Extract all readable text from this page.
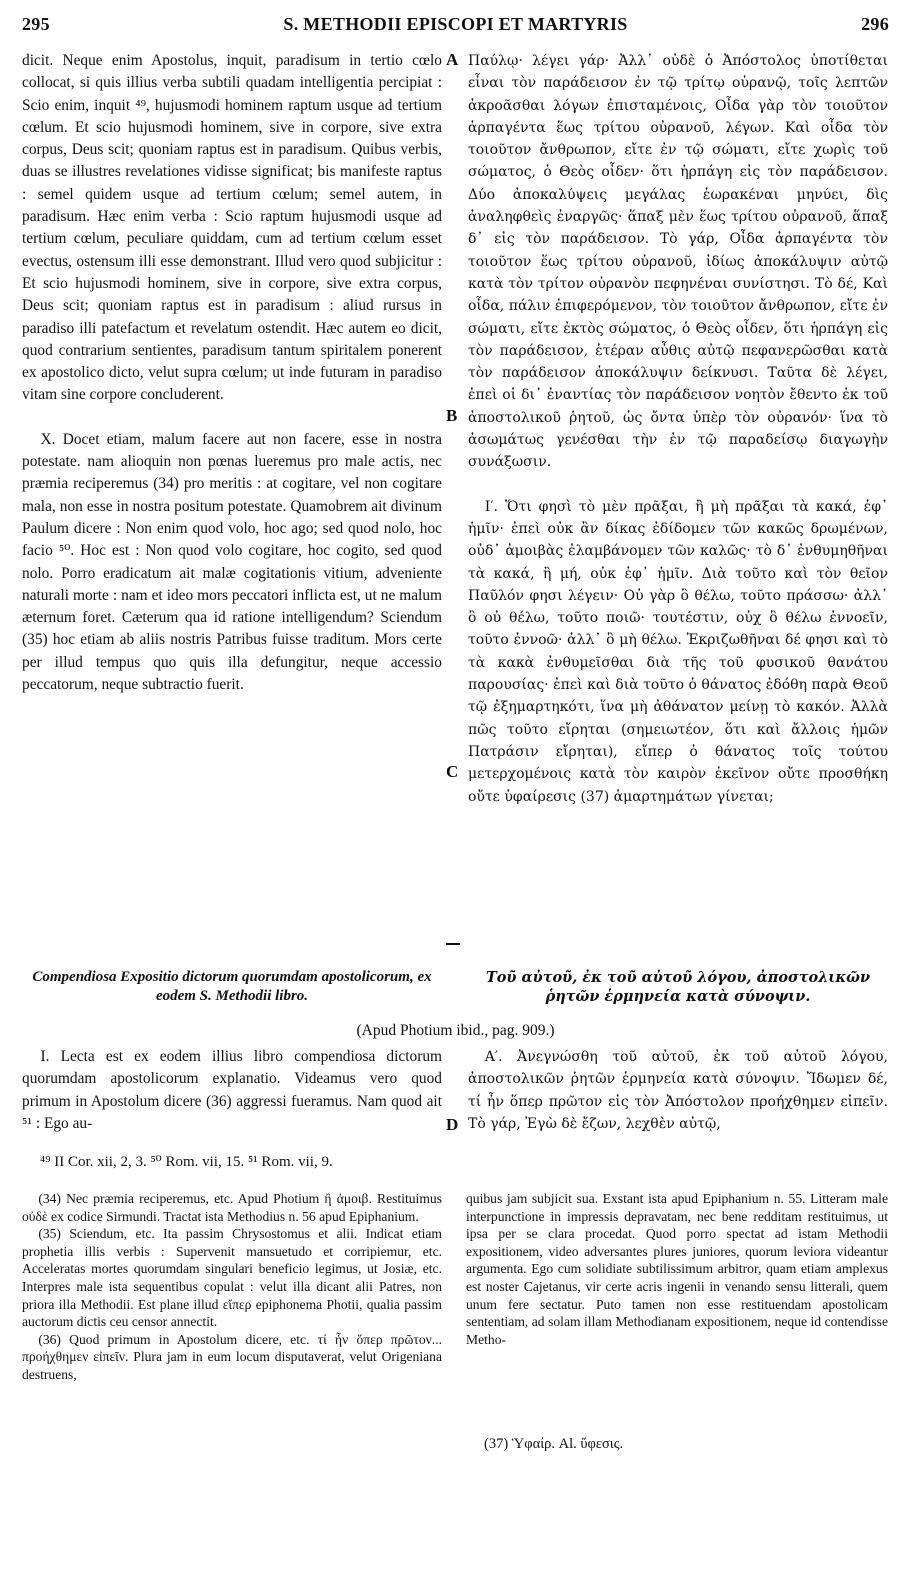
295	S. METHODII EPISCOPI ET MARTYRIS	296

dicit. Neque enim Apostolus, inquit, paradisum in tertio cœlo collocat, si quis illius verba subtili quadam intelligentia percipiat : Scio enim, inquit ⁴⁹, hujusmodi hominem raptum usque ad tertium cœlum. Et scio hujusmodi hominem, sive in corpore, sive extra corpus, Deus scit; quoniam raptus est in paradisum. Quibus verbis, duas se illustres revelationes vidisse significat; bis manifeste raptus : semel quidem usque ad tertium cœlum; semel autem, in paradisum. Hæc enim verba : Scio raptum hujusmodi usque ad tertium cœlum, peculiare quiddam, cum ad tertium cœlum esset evectus, ostensum illi esse demonstrant. Illud vero quod subjicitur : Et scio hujusmodi hominem, sive in corpore, sive extra corpus, Deus scit; quoniam raptus est in paradisum : aliud rursus in paradiso illi patefactum et revelatum ostendit. Hæc autem eo dicit, quod contrarium sentientes, paradisum tantum spiritalem ponerent ex apostolico dicto, velut supra cœlum; ut inde futuram in paradiso vitam sine corpore concluderent.

X. Docet etiam, malum facere aut non facere, esse in nostra potestate. nam alioquin non pœnas lueremus pro male actis, nec præmia reciperemus (34) pro meritis : at cogitare, vel non cogitare mala, non esse in nostra positum potestate. Quamobrem ait divinum Paulum dicere : Non enim quod volo, hoc ago; sed quod nolo, hoc facio ⁵⁰. Hoc est : Non quod volo cogitare, hoc cogito, sed quod nolo. Porro eradicatum ait malæ cogitationis vitium, adveniente naturali morte : nam et ideo mors peccatori inflicta est, ut ne malum æternum foret. Cæterum qua id ratione intelligendum? Sciendum (35) hoc etiam ab aliis nostris Patribus fuisse traditum. Mors certe per illud tempus quo quis illa defungitur, neque accessio peccatorum, neque subtractio fuerit.

Παύλῳ· λέγει γάρ· Ἀλλ᾽ οὐδὲ ὁ Ἀπόστολος ὑποτίθεται εἶναι τὸν παράδεισον ἐν τῷ τρίτῳ οὐρανῷ, τοῖς λεπτῶν ἀκροᾶσθαι λόγων ἐπισταμένοις, Οἶδα γὰρ τὸν τοιοῦτον ἁρπαγέντα ἕως τρίτου οὐρανοῦ, λέγων. Καὶ οἶδα τὸν τοιοῦτον ἄνθρωπον, εἴτε ἐν τῷ σώματι, εἴτε χωρὶς τοῦ σώματος, ὁ Θεὸς οἶδεν· ὅτι ἡρπάγη εἰς τὸν παράδεισον. Δύο ἀποκαλύψεις μεγάλας ἑωρακέναι μηνύει, δὶς ἀναληφθεὶς ἐναργῶς· ἅπαξ μὲν ἕως τρίτου οὐρανοῦ, ἅπαξ δ᾽ εἰς τὸν παράδεισον. Τὸ γάρ, Οἶδα ἁρπαγέντα τὸν τοιοῦτον ἕως τρίτου οὐρανοῦ, ἰδίως ἀποκάλυψιν αὐτῷ κατὰ τὸν τρίτον οὐρανὸν πεφηνέναι συνίστησι. Τὸ δέ, Καὶ οἶδα, πάλιν ἐπιφερόμενον, τὸν τοιοῦτον ἄνθρωπον, εἴτε ἐν σώματι, εἴτε ἐκτὸς σώματος, ὁ Θεὸς οἶδεν, ὅτι ἡρπάγη εἰς τὸν παράδεισον, ἑτέραν αὖθις αὐτῷ πεφανερῶσθαι κατὰ τὸν παράδεισον ἀποκάλυψιν δείκνυσι. Ταῦτα δὲ λέγει, ἐπεὶ οἱ δι᾽ ἐναντίας τὸν παράδεισον νοητὸν ἔθεντο ἐκ τοῦ ἀποστολικοῦ ῥητοῦ, ὡς ὄντα ὑπὲρ τὸν οὐρανόν· ἵνα τὸ ἀσωμάτως γενέσθαι τὴν ἐν τῷ παραδείσῳ διαγωγὴν συνάξωσιν.

Ι′. Ὅτι φησὶ τὸ μὲν πρᾶξαι, ἢ μὴ πρᾶξαι τὰ κακά, ἐφ᾽ ἡμῖν· ἐπεὶ οὐκ ἂν δίκας ἐδίδομεν τῶν κακῶς δρωμένων, οὐδ᾽ ἀμοιβὰς ἐλαμβάνομεν τῶν καλῶς· τὸ δ᾽ ἐνθυμηθῆναι τὰ κακά, ἢ μή, οὐκ ἐφ᾽ ἡμῖν. Διὰ τοῦτο καὶ τὸν θεῖον Παῦλόν φησι λέγειν· Οὐ γὰρ ὃ θέλω, τοῦτο πράσσω· ἀλλ᾽ ὃ οὐ θέλω, τοῦτο ποιῶ· τουτέστιν, οὐχ ὃ θέλω ἐννοεῖν, τοῦτο ἐννοῶ· ἀλλ᾽ ὃ μὴ θέλω. Ἐκριζωθῆναι δέ φησι καὶ τὸ τὰ κακὰ ἐνθυμεῖσθαι διὰ τῆς τοῦ φυσικοῦ θανάτου παρουσίας· ἐπεὶ καὶ διὰ τοῦτο ὁ θάνατος ἐδόθη παρὰ Θεοῦ τῷ ἐξημαρτηκότι, ἵνα μὴ ἀθάνατον μείνῃ τὸ κακόν. Ἀλλὰ πῶς τοῦτο εἴρηται (σημειωτέον, ὅτι καὶ ἄλλοις ἡμῶν Πατράσιν εἴρηται), εἴπερ ὁ θάνατος τοῖς τούτου μετερχομένοις κατὰ τὸν καιρὸν ἐκεῖνον οὔτε προσθήκη οὔτε ὑφαίρεσις (37) ἁμαρτημάτων γίνεται;

A
B
C
D
Compendiosa Expositio dictorum quorumdam apostolicorum, ex eodem S. Methodii libro.
Τοῦ αὐτοῦ, ἐκ τοῦ αὐτοῦ λόγου, ἀποστολικῶν ῥητῶν ἑρμηνεία κατὰ σύνοψιν.
(Apud Photium ibid., pag. 909.)

I. Lecta est ex eodem illius libro compendiosa dictorum quorumdam apostolicorum explanatio. Videamus vero quod primum in Apostolum dicere (36) aggressi fueramus. Nam quod ait ⁵¹ : Ego au-

Α′. Ἀνεγνώσθη τοῦ αὐτοῦ, ἐκ τοῦ αὐτοῦ λόγου, ἀποστολικῶν ῥητῶν ἑρμηνεία κατὰ σύνοψιν. Ἴδωμεν δέ, τί ἦν ὅπερ πρῶτον εἰς τὸν Ἀπόστολον προήχθημεν εἰπεῖν. Τὸ γάρ, Ἐγὼ δὲ ἔζων, λεχθὲν αὐτῷ,

⁴⁹ II Cor. xii, 2, 3. ⁵⁰ Rom. vii, 15. ⁵¹ Rom. vii, 9.

(34) Nec præmia reciperemus, etc. Apud Photium ἢ ἀμοιβ. Restituimus οὐδὲ ex codice Sirmundi. Tractat ista Methodius n. 56 apud Epiphanium.

(35) Sciendum, etc. Ita passim Chrysostomus et alii. Indicat etiam prophetia illis verbis : Supervenit mansuetudo et corripiemur, etc. Acceleratas mortes quorumdam singulari beneficio legimus, ut Josiæ, etc. Interpres male ista sequentibus copulat : velut illa dicant alii Patres, non priora illa Methodii. Est plane illud εἴπερ epiphonema Photii, qualia passim auctorum dictis ceu censor annectit.

(36) Quod primum in Apostolum dicere, etc. τί ἦν ὅπερ πρῶτον... προήχθημεν εἰπεῖν. Plura jam in eum locum disputaverat, velut Origeniana destruens,

quibus jam subjicit sua. Exstant ista apud Epiphanium n. 55. Litteram male interpunctione in impressis depravatam, nec bene redditam restituimus, ut ipsa per se clara procedat. Quod porro spectat ad istam Methodii expositionem, video adversantes plures juniores, quorum leviora videantur argumenta. Ego cum solidiate subtilissimum arbitror, quam etiam amplexus est noster Cajetanus, vir certe acris ingenii in venando sensu litterali, quem unum fere sectatur. Puto tamen non esse restituendam apostolicam sententiam, ad solam illam Methodianam expositionem, neque id contendisse Metho-

(37) Ὑφαίρ. Al. ὕφεσις.
